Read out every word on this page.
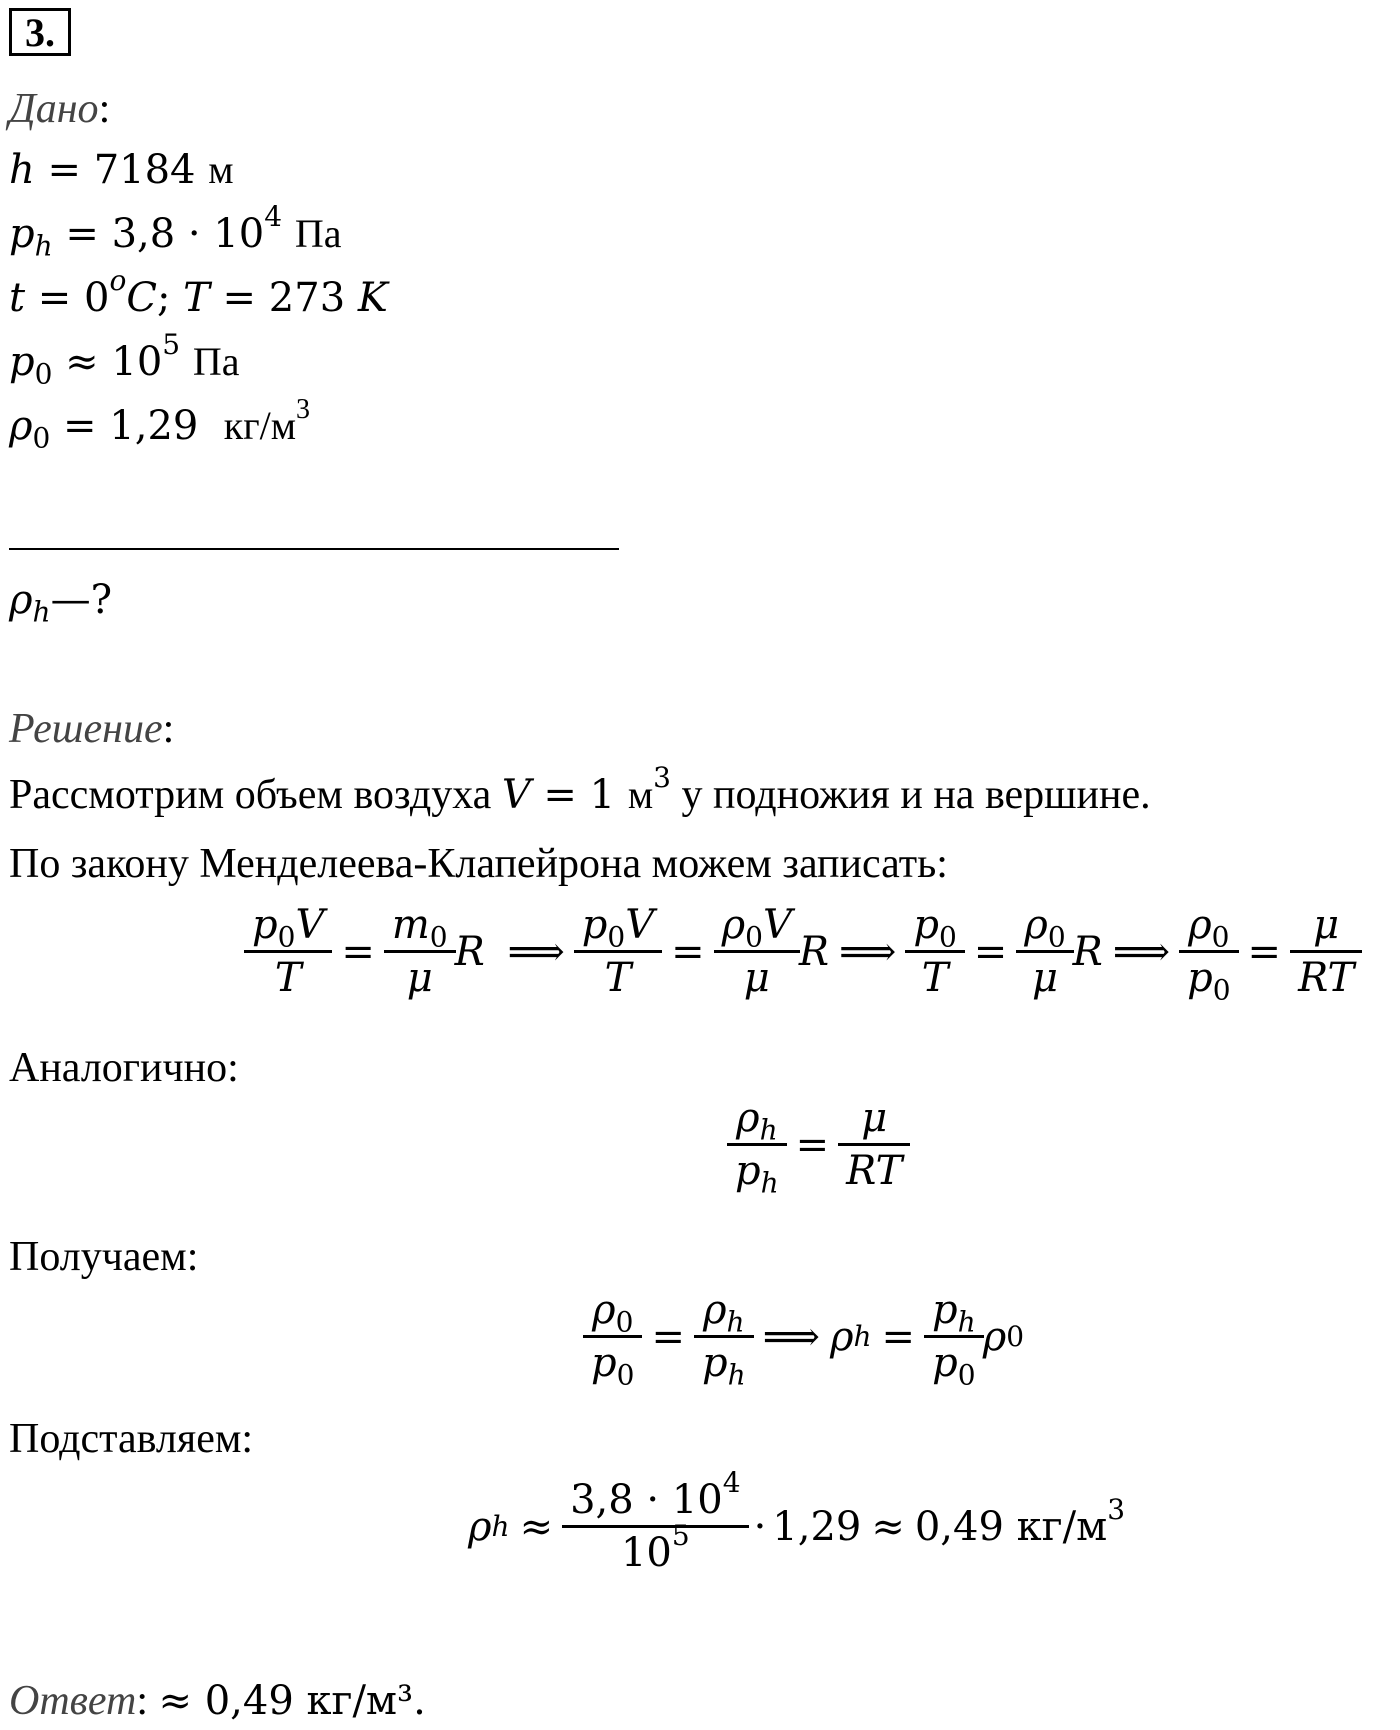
3.
Дано:
h = 7184 м
$p_h = 3,8 \cdot 10^4$ Па
$t = 0^oC$; T = 273 K
$p_0 \approx 10^5$ Па
$\rho_0 = 1,29$  $кг/м^3$
$\rho_h—$?
Решение:
Рассмотрим объем воздуха V = 1 $м^3$ у подножия и на вершине.
По закону Менделеева-Клапейрона можем записать:
$\frac{p_0V}{T} = \frac{m_0}{\mu}$ R ⟹ $\frac{p_0V}{T} = \frac{\rho_0V}{\mu}$ R ⟹ $\frac{p_0}{T} = \frac{\rho_0}{\mu}$ R ⟹ $\frac{\rho_0}{p_0} = \frac{\mu}{RT}$
Аналогично:
$\frac{\rho_h}{p_h} = \frac{\mu}{RT}$
Получаем:
$\frac{\rho_0}{p_0} = \frac{\rho_h}{p_h}$ ⟹ ρ $h = \frac{p_h}{p_0}$ ρ 0
Подставляем:
ρ $h \approx \frac{3,8 \cdot 10^4}{10^5} \cdot 1,29 \approx 0,49$ $кг/м^3$
Ответ: ≈ 0,49 кг/м³.
